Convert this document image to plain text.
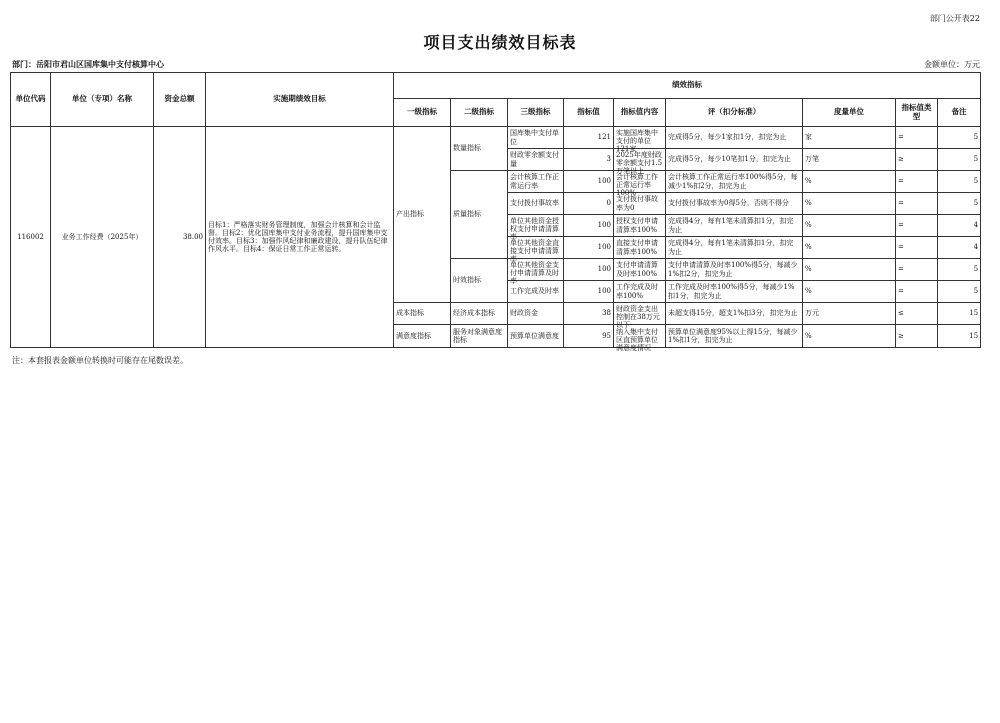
部门公开表22
项目支出绩效目标表
部门：岳阳市君山区国库集中支付核算中心	金额单位：万元
单位代码	单位（专项）名称	资金总额	实施期绩效目标	绩效指标								
				一级指标	二级指标	三级指标	指标值	指标值内容	评（扣分标准）	度量单位	指标值类型	备注
116002	业务工作经费（2025年）	38.00	目标1：严格落实财务管理制度，加强会计核算和会计监督。目标2：优化国库集中支付业务流程，提升国库集中支付效率。目标3：加强作风纪律和廉政建设，提升队伍纪律作风水平。目标4：保证日常工作正常运转。	产出指标	数量指标	国库集中支付单位	121	实施国库集中支付的单位121家	完成得5分，每少1家扣1分，扣完为止	家	=	5

						财政零余额支付量	3	2025年度财政零余额支付1.5万笔以上	完成得5分，每少10笔扣1分，扣完为止	万笔	≥	5
					质量指标	会计核算工作正常运行率	100	会计核算工作正常运行率100%	会计核算工作正常运行率100%得5分，每减少1%扣2分，扣完为止	%	=	5

						支付拨付事故率	0	支付拨付事故率为0	支付拨付事故率为0得5分，否则不得分	%	=	5

						单位其他资金授权支付申请清算率	100	授权支付申请清算率100%	完成得4分，每有1笔未清算扣1分，扣完为止	%	=	4

						单位其他资金直接支付申请清算率	100	直接支付申请清算率100%	完成得4分，每有1笔未清算扣1分，扣完为止	%	=	4
					时效指标	单位其他资金支付申请清算及时率	100	支付申请清算及时率100%	支付申请清算及时率100%得5分，每减少1%扣2分，扣完为止	%	=	5

						工作完成及时率	100	工作完成及时率100%	工作完成及时率100%得5分，每减少1%扣1分，扣完为止	%	=	5
				成本指标	经济成本指标	财政资金	38	财政资金支出控制在38万元以下	未超支得15分，超支1%扣3分，扣完为止	万元	≤	15
				满意度指标	服务对象满意度指标	预算单位满意度	95	纳入集中支付区直预算单位满意度情况	预算单位满意度95%以上得15分，每减少1%扣1分，扣完为止	%	≥	15
注：本套报表金额单位转换时可能存在尾数误差。
